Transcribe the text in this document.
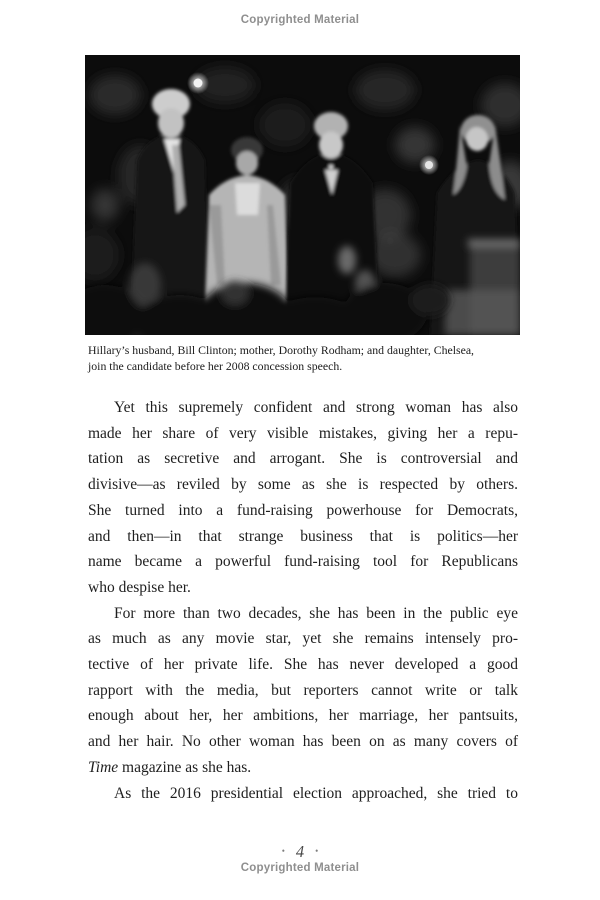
Copyrighted Material
Hillary’s husband, Bill Clinton; mother, Dorothy Rodham; and daughter, Chelsea,
join the candidate before her 2008 concession speech.
Yet this supremely confident and strong woman has also
made her share of very visible mistakes, giving her a repu-
tation as secretive and arrogant. She is controversial and
divisive—as reviled by some as she is respected by others.
She turned into a fund-raising powerhouse for Democrats,
and then—in that strange business that is politics—her
name became a powerful fund-raising tool for Republicans
who despise her.
For more than two decades, she has been in the public eye
as much as any movie star, yet she remains intensely pro-
tective of her private life. She has never developed a good
rapport with the media, but reporters cannot write or talk
enough about her, her ambitions, her marriage, her pantsuits,
and her hair. No other woman has been on as many covers of
Time magazine as she has.
As the 2016 presidential election approached, she tried to
• 4 •
Copyrighted Material
